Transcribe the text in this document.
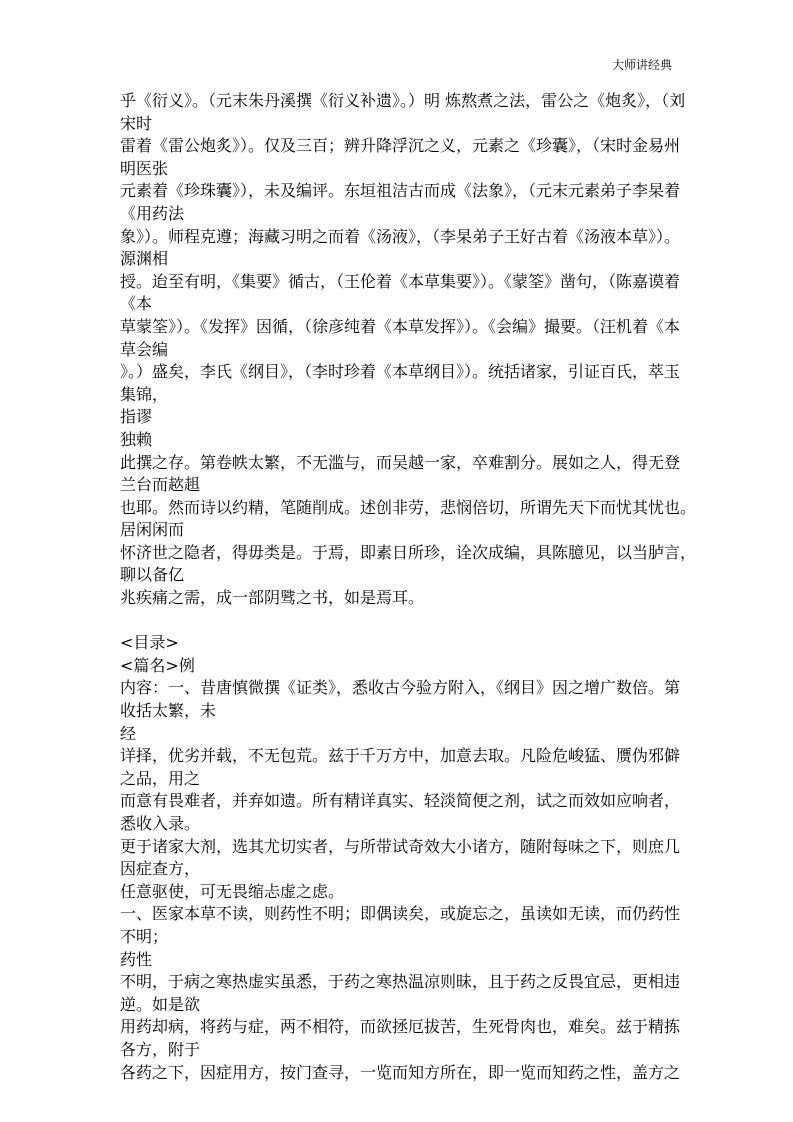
大师讲经典
乎《衍义》。（元末朱丹溪撰《衍义补遗》。）明 炼熬煮之法，雷公之《炮炙》，（刘
宋时
雷着《雷公炮炙》）。仅及三百；辨升降浮沉之义，元素之《珍囊》，（宋时金易州
明医张
元素着《珍珠囊》），未及编评。东垣祖洁古而成《法象》，（元末元素弟子李杲着
《用药法
象》）。师程克遵；海藏习明之而着《汤液》，（李杲弟子王好古着《汤液本草》）。
源渊相
授。迨至有明，《集要》循古，（王伦着《本草集要》）。《蒙筌》凿句，（陈嘉谟着
《本
草蒙筌》）。《发挥》因循，（徐彦纯着《本草发挥》）。《会编》撮要。（汪机着《本
草会编
》。）盛矣，李氏《纲目》，（李时珍着《本草纲目》）。统括诸家，引证百氏，萃玉
集锦，
指谬
独赖
此撰之存。第卷帙太繁，不无滥与，而吴越一家，卒难割分。展如之人，得无登
兰台而趑趄
也耶。然而诗以约精，笔随削成。述创非劳，悲悯倍切，所谓先天下而忧其忧也。
居闲闲而
怀济世之隐者，得毋类是。于焉，即素日所珍，诠次成编，具陈臆见，以当胪言，
聊以备亿
兆疾痛之需，成一部阴骘之书，如是焉耳。
<目录>
<篇名>例
内容：一、昔唐慎微撰《证类》，悉收古今验方附入，《纲目》因之增广数倍。第
收括太繁，未
经
详择，优劣并载，不无包荒。兹于千万方中，加意去取。凡险危峻猛、赝伪邪僻
之品，用之
而意有畏难者，并弃如遗。所有精详真实、轻淡简便之剂，试之而效如应响者，
悉收入录。
更于诸家大剂，选其尤切实者，与所带试奇效大小诸方，随附每味之下，则庶几
因症查方，
任意驱使，可无畏缩忐虚之虑。
一、医家本草不读，则药性不明；即偶读矣，或旋忘之，虽读如无读，而仍药性
不明；
药性
不明，于病之寒热虚实虽悉，于药之寒热温凉则昧，且于药之反畏宜忌，更相违
逆。如是欲
用药却病，将药与症，两不相符，而欲拯厄拔苦，生死骨肉也，难矣。兹于精拣
各方，附于
各药之下，因症用方，按门查寻，一览而知方所在，即一览而知药之性，盖方之
